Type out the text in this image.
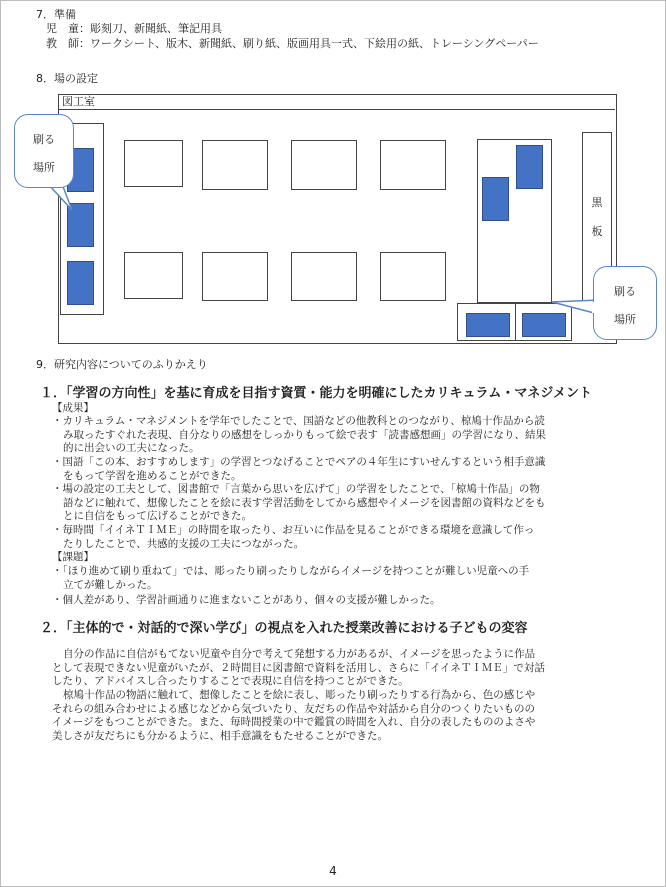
7．準備
児　童：彫刻刀、新聞紙、筆記用具
教　師：ワークシート、版木、新聞紙、刷り紙、版画用具一式、下絵用の紙、トレーシングペーパー
8．場の設定
図工室
黒
板
刷る
場所
刷る
場所
9．研究内容についてのふりかえり
１．「学習の方向性」を基に育成を目指す資質・能力を明確にしたカリキュラム・マネジメント
【成果】
・カリキュラム・マネジメントを学年でしたことで、国語などの他教科とのつながり、椋鳩十作品から読
み取ったすぐれた表現、自分なりの感想をしっかりもって絵で表す「読書感想画」の学習になり、結果
的に出会いの工夫になった。
・国語「この本、おすすめします」の学習とつなげることでペアの４年生にすいせんするという相手意識
をもって学習を進めることができた。
・場の設定の工夫として、図書館で「言葉から思いを広げて」の学習をしたことで、「椋鳩十作品」の物
語などに触れて、想像したことを絵に表す学習活動をしてから感想やイメージを図書館の資料などをも
とに自信をもって広げることができた。
・毎時間「イイネＴＩＭＥ」の時間を取ったり、お互いに作品を見ることができる環境を意識して作っ
たりしたことで、共感的支援の工夫につながった。
【課題】
・「ほり進めて刷り重ねて」では、彫ったり刷ったりしながらイメージを持つことが難しい児童への手
立てが難しかった。
・個人差があり、学習計画通りに進まないことがあり、個々の支援が難しかった。
２．「主体的で・対話的で深い学び」の視点を入れた授業改善における子どもの変容
自分の作品に自信がもてない児童や自分で考えて発想する力があるが、イメージを思ったように作品
として表現できない児童がいたが、２時間目に図書館で資料を活用し、さらに「イイネＴＩＭＥ」で対話
したり、アドバイスし合ったりすることで表現に自信を持つことができた。
椋鳩十作品の物語に触れて、想像したことを絵に表し、彫ったり刷ったりする行為から、色の感じや
それらの組み合わせによる感じなどから気づいたり、友だちの作品や対話から自分のつくりたいものの
イメージをもつことができた。また、毎時間授業の中で鑑賞の時間を入れ、自分の表したもののよさや
美しさが友だちにも分かるように、相手意識をもたせることができた。
4
